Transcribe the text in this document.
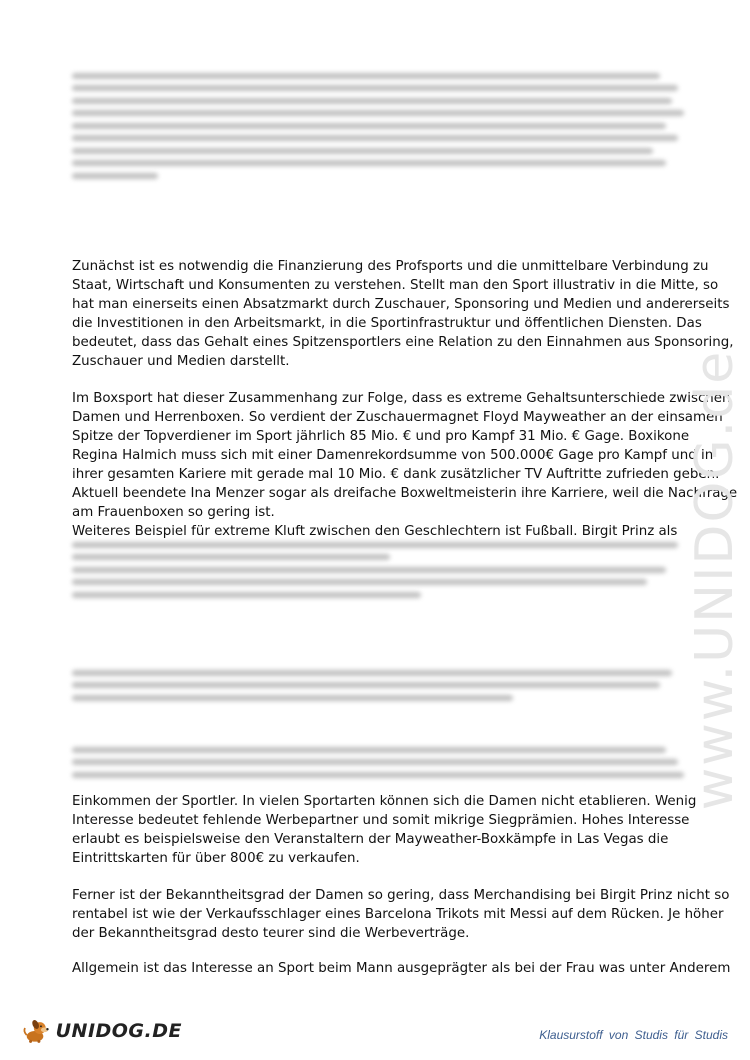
Zunächst ist es notwendig die Finanzierung des Profsports und die unmittelbare Verbindung zu
Staat, Wirtschaft und Konsumenten zu verstehen. Stellt man den Sport illustrativ in die Mitte, so
hat man einerseits einen Absatzmarkt durch Zuschauer, Sponsoring und Medien und andererseits
die Investitionen in den Arbeitsmarkt, in die Sportinfrastruktur und öffentlichen Diensten. Das
bedeutet, dass das Gehalt eines Spitzensportlers eine Relation zu den Einnahmen aus Sponsoring,
Zuschauer und Medien darstellt.
Im Boxsport hat dieser Zusammenhang zur Folge, dass es extreme Gehaltsunterschiede zwischen
Damen und Herrenboxen. So verdient der Zuschauermagnet Floyd Mayweather an der einsamen
Spitze der Topverdiener im Sport jährlich 85 Mio. € und pro Kampf 31 Mio. € Gage. Boxikone
Regina Halmich muss sich mit einer Damenrekordsumme von 500.000€ Gage pro Kampf und in
ihrer gesamten Kariere mit gerade mal 10 Mio. € dank zusätzlicher TV Auftritte zufrieden geben.
Aktuell beendete Ina Menzer sogar als dreifache Boxweltmeisterin ihre Karriere, weil die Nachfrage
am Frauenboxen so gering ist.
Weiteres Beispiel für extreme Kluft zwischen den Geschlechtern ist Fußball. Birgit Prinz als
Einkommen der Sportler. In vielen Sportarten können sich die Damen nicht etablieren. Wenig
Interesse bedeutet fehlende Werbepartner und somit mikrige Siegprämien. Hohes Interesse
erlaubt es beispielsweise den Veranstaltern der Mayweather-Boxkämpfe in Las Vegas die
Eintrittskarten für über 800€ zu verkaufen.
Ferner ist der Bekanntheitsgrad der Damen so gering, dass Merchandising bei Birgit Prinz nicht so
rentabel ist wie der Verkaufsschlager eines Barcelona Trikots mit Messi auf dem Rücken. Je höher
der Bekanntheitsgrad desto teurer sind die Werbeverträge.
Allgemein ist das Interesse an Sport beim Mann ausgeprägter als bei der Frau was unter Anderem
www.UNIDOG.de
UNIDOG.DE	Klausurstoff von Studis für Studis
